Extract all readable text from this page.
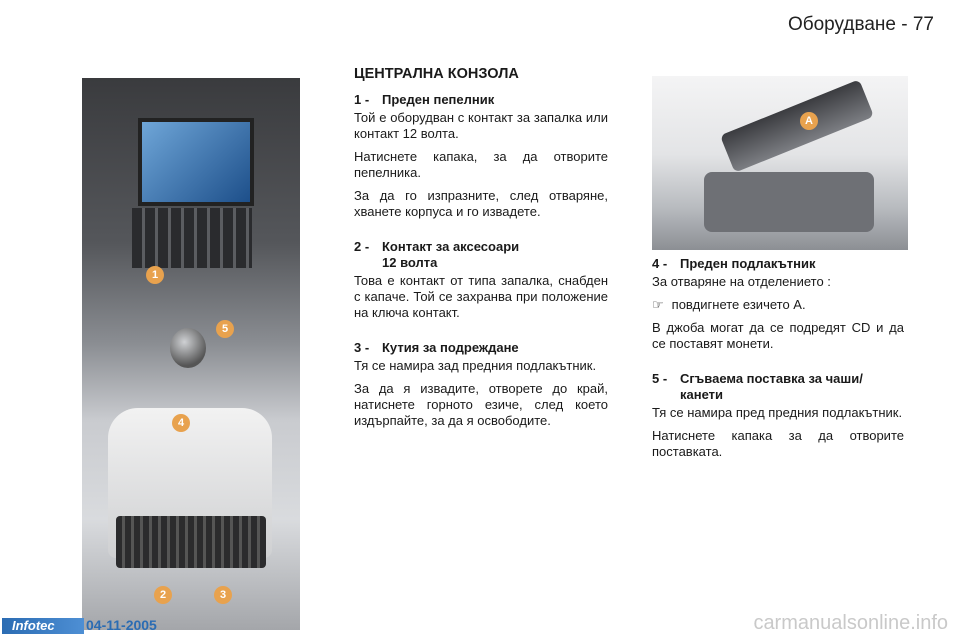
Оборудване - 77
1
5
4
2	3
A
ЦЕНТРАЛНА КОНЗОЛА
1 - Преден пепелник

Той е оборудван с контакт за запалка или контакт 12 волта.

Натиснете капака, за да отворите пепелника.

За да го изпразните, след отваряне, хванете корпуса и го извадете.

2 - Контакт за аксесоари
12 волта

Това е контакт от типа запалка, снабден с капаче. Той се захранва при положение на ключа контакт.

3 - Кутия за подреждане

Тя се намира зад предния подлакътник.

За да я извадите, отворете до край, натиснете горното езиче, след което издърпайте, за да я освободите.

4 - Преден подлакътник

За отваряне на отделението :

☞ повдигнете езичето А.

В джоба могат да се подредят CD и да се поставят монети.

5 - Сгъваема поставка за чаши/
канети

Тя се намира пред предния подлакътник.

Натиснете капака за да отворите поставката.

Infotec	04-11-2005	carmanualsonline.info
